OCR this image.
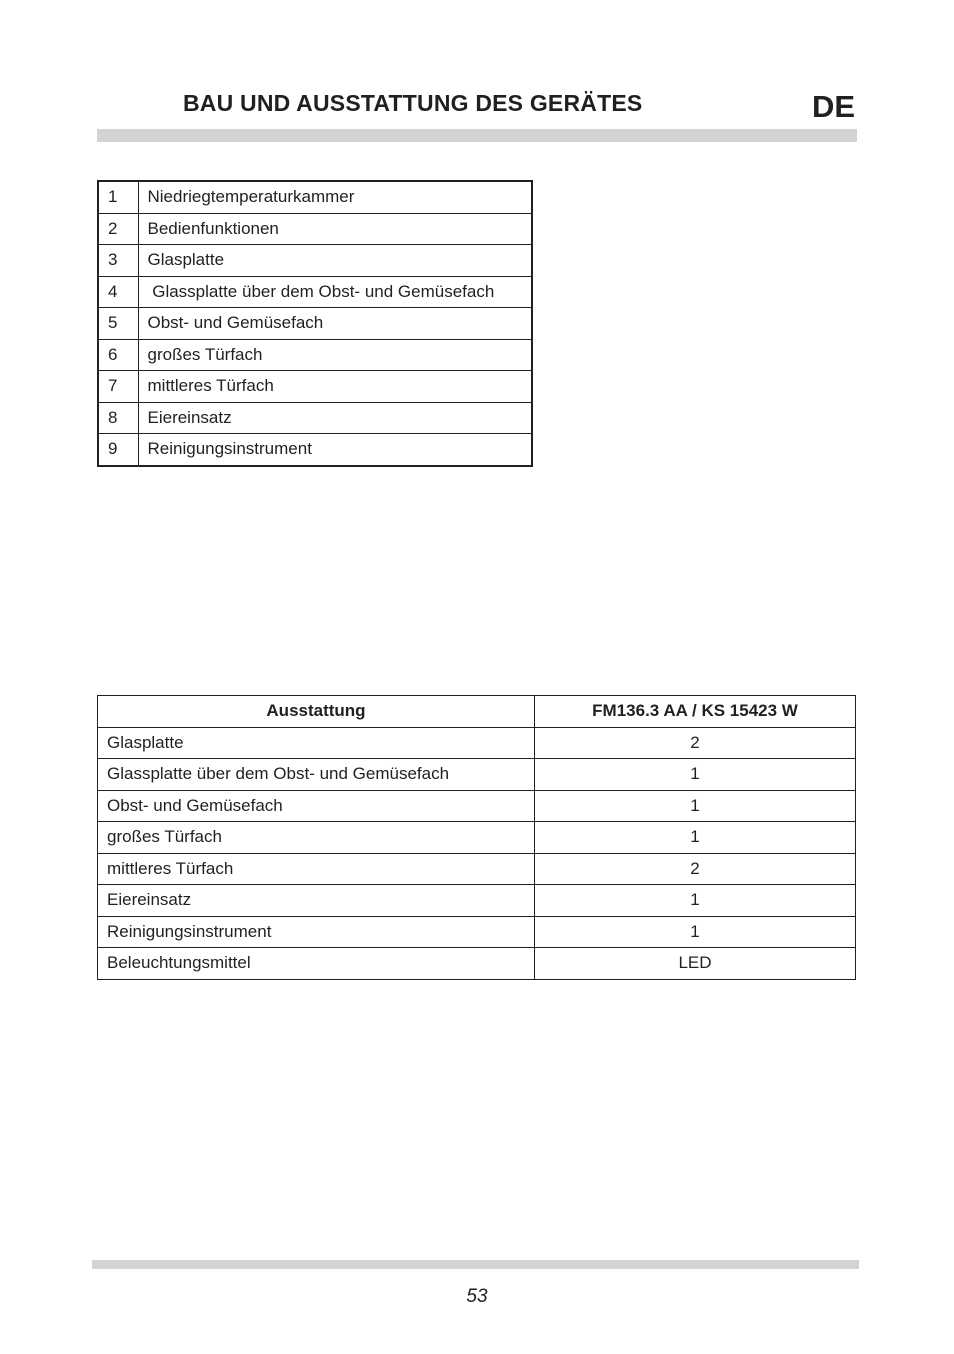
BAU UND AUSSTATTUNG DES GERÄTES	DE
1	Niedriegtemperaturkammer
2	Bedienfunktionen
3	Glasplatte
4	Glassplatte über dem Obst- und Gemüsefach
5	Obst- und Gemüsefach
6	großes Türfach
7	mittleres Türfach
8	Eiereinsatz
9	Reinigungsinstrument
Ausstattung	FM136.3 AA / KS 15423 W
Glasplatte	2
Glassplatte über dem Obst- und Gemüsefach	1
Obst- und Gemüsefach	1
großes Türfach	1
mittleres Türfach	2
Eiereinsatz	1
Reinigungsinstrument	1
Beleuchtungsmittel	LED
53
